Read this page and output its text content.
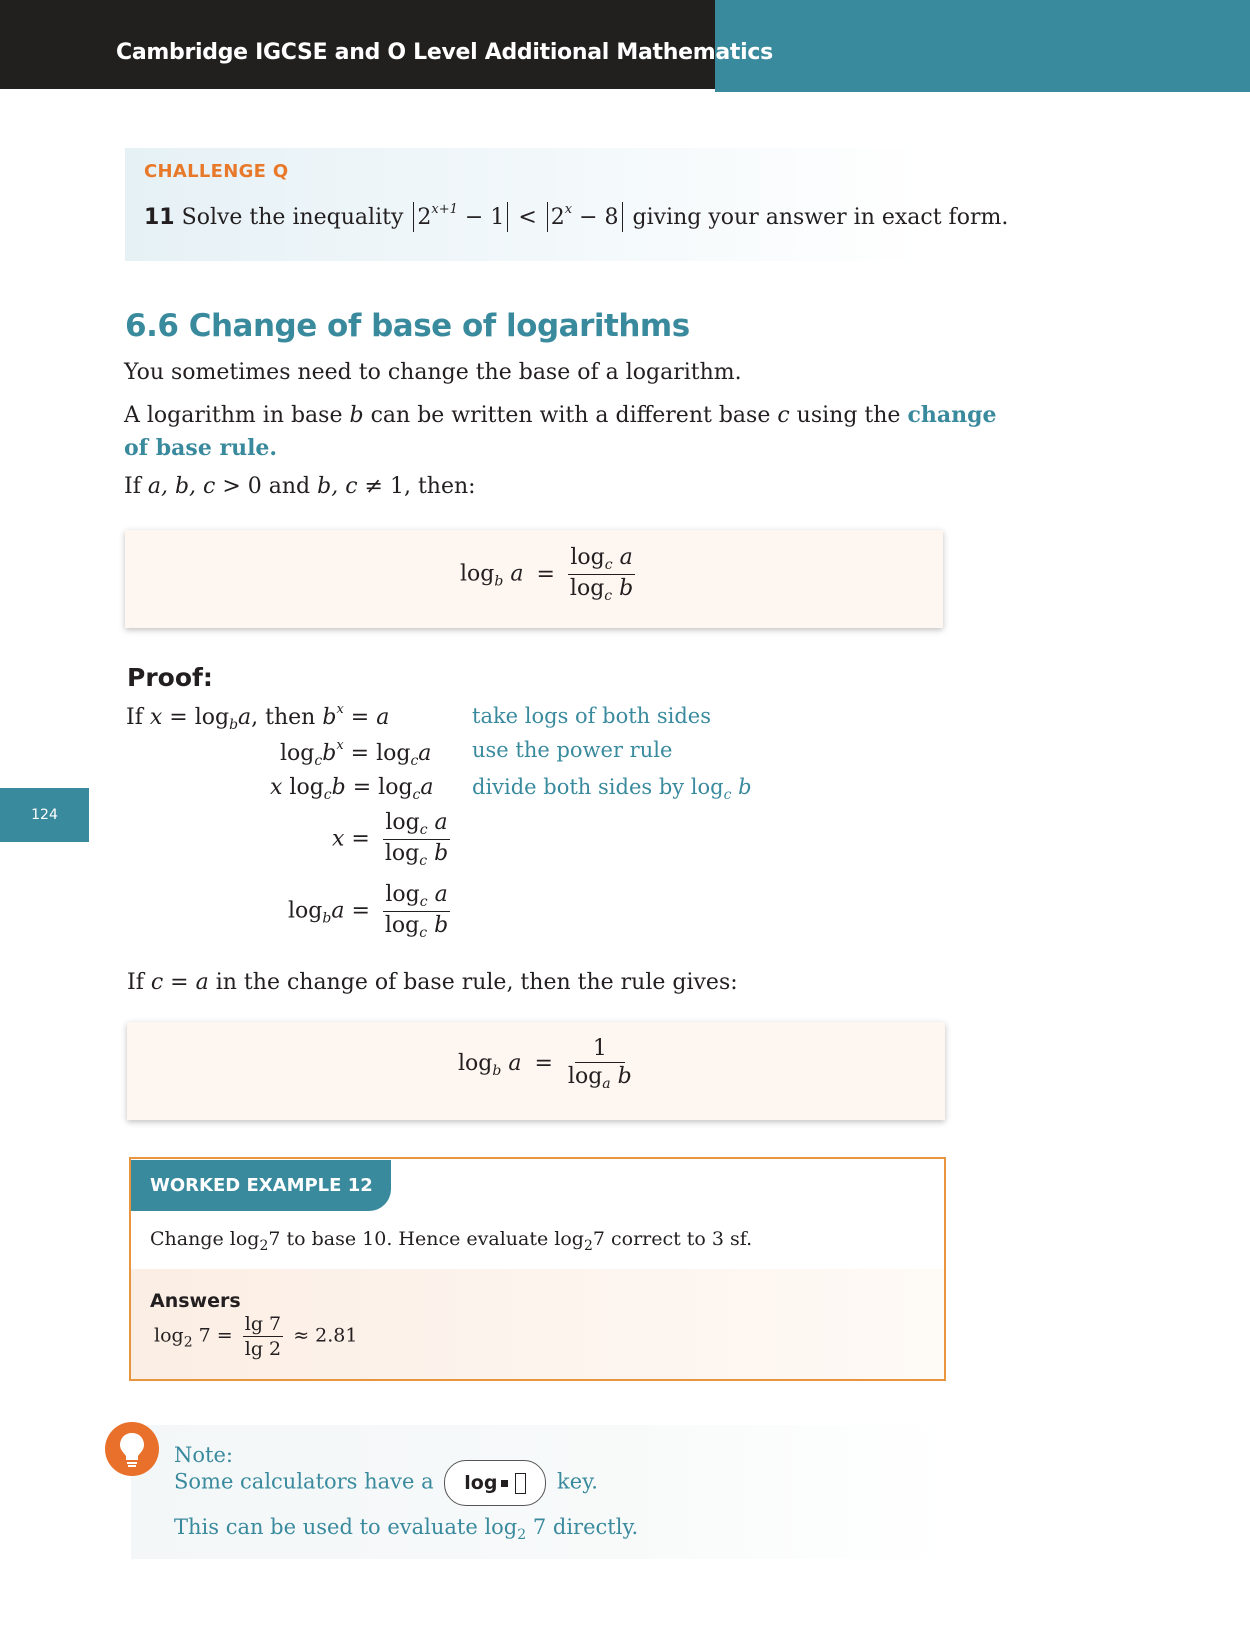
Cambridge IGCSE and O Level Additional Mathematics
124
CHALLENGE Q
11 Solve the inequality $2^{x+1} - 1 < 2^x - 8$ giving your answer in exact form.
6.6 Change of base of logarithms
You sometimes need to change the base of a logarithm.
A logarithm in base b can be written with a different base c using the change
of base rule.
If a, b, c > 0 and b, c ≠ 1, then:
$\log_b a = \frac{\log_c a}{\log_c b}$
Proof:
If $x = \log_ba$, then $b^x = a$	take logs of both sides
$\log_cb^x = \log_ca$ use the power rule
x $\log_cb = \log_ca$ divide both sides by $\log_c b$
$x = \frac{\log_c a}{\log_c b}$
$\log_ba = \frac{\log_c a}{\log_c b}$
If c = a in the change of base rule, then the rule gives:
$\log_b a = \frac{1}{\log_a b}$
WORKED EXAMPLE 12
Change $\log_27$ to base 10. Hence evaluate $\log_27$ correct to 3 sf.
Answers
$\log_2 7 = \frac{\lg 7}{\lg 2} \approx 2.81$
Note:
Some calculators have a log	key.
This can be used to evaluate $\log_2 7$ directly.
